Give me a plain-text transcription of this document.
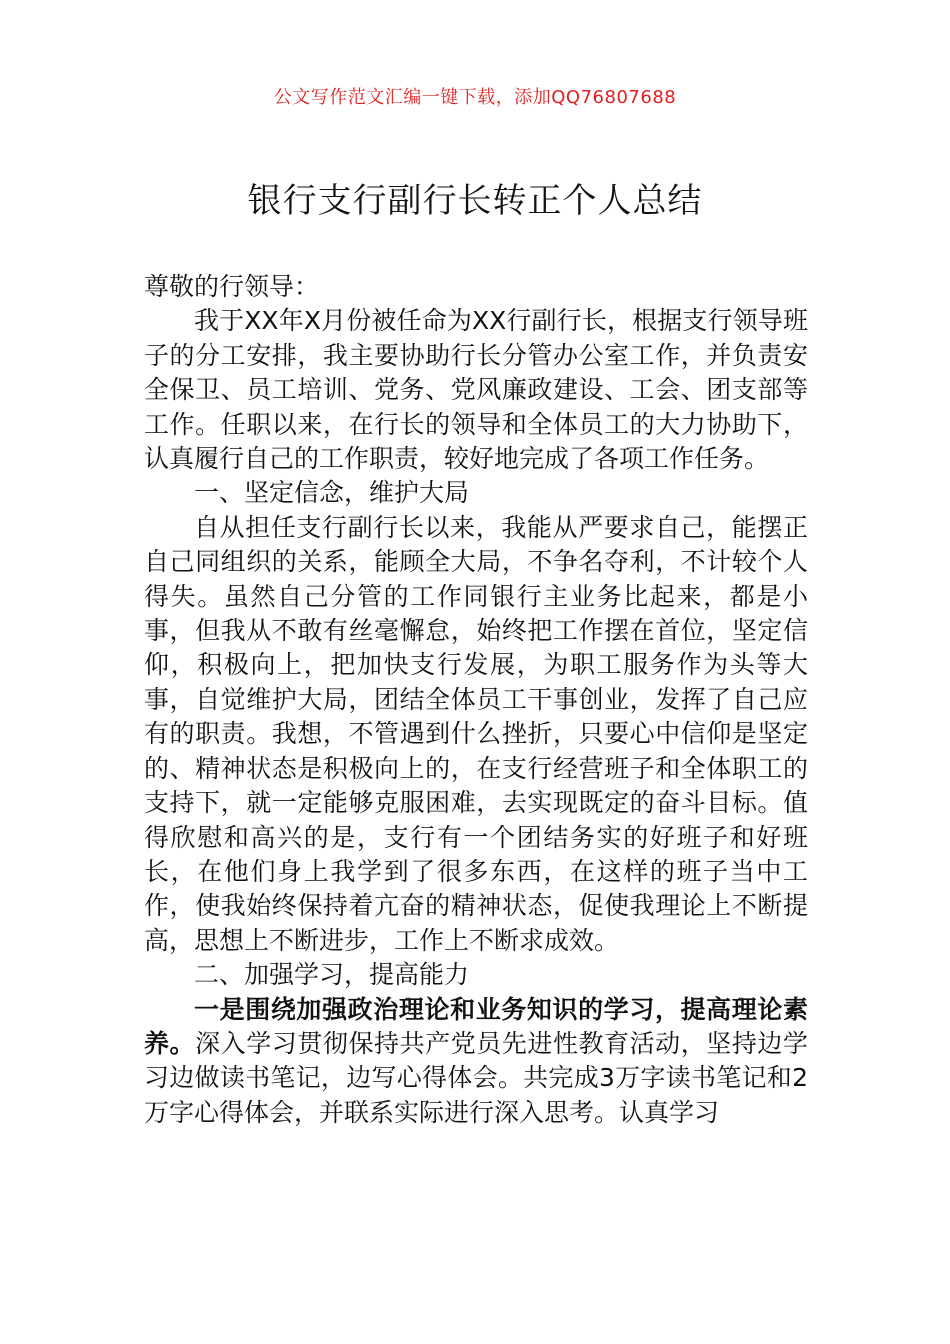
公文写作范文汇编一键下载，添加QQ76807688
银行支行副行长转正个人总结

尊敬的行领导：

我于XX年X月份被任命为XX行副行长，根据支行领导班子的分工安排，我主要协助行长分管办公室工作，并负责安全保卫、员工培训、党务、党风廉政建设、工会、团支部等工作。任职以来，在行长的领导和全体员工的大力协助下，认真履行自己的工作职责，较好地完成了各项工作任务。

一、坚定信念，维护大局

自从担任支行副行长以来，我能从严要求自己，能摆正自己同组织的关系，能顾全大局，不争名夺利，不计较个人得失。虽然自己分管的工作同银行主业务比起来，都是小事，但我从不敢有丝毫懈怠，始终把工作摆在首位，坚定信仰，积极向上，把加快支行发展，为职工服务作为头等大事，自觉维护大局，团结全体员工干事创业，发挥了自己应有的职责。我想，不管遇到什么挫折，只要心中信仰是坚定的、精神状态是积极向上的，在支行经营班子和全体职工的支持下，就一定能够克服困难，去实现既定的奋斗目标。值得欣慰和高兴的是，支行有一个团结务实的好班子和好班长，在他们身上我学到了很多东西，在这样的班子当中工作，使我始终保持着亢奋的精神状态，促使我理论上不断提高，思想上不断进步，工作上不断求成效。

二、加强学习，提高能力

一是围绕加强政治理论和业务知识的学习，提高理论素养。深入学习贯彻保持共产党员先进性教育活动，坚持边学习边做读书笔记，边写心得体会。共完成3万字读书笔记和2万字心得体会，并联系实际进行深入思考。认真学习
